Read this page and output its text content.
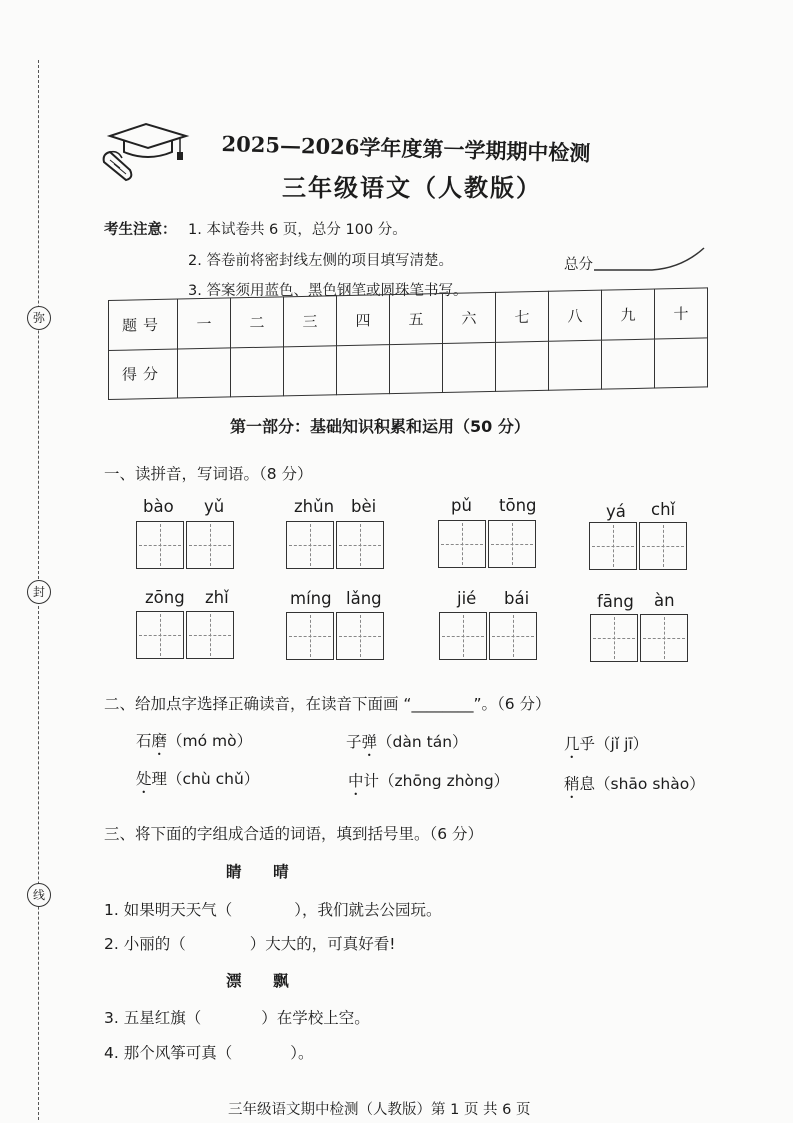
弥
封
线
2025—2026学年度第一学期期中检测
三年级语文（人教版）
考生注意： 1. 本试卷共 6 页，总分 100 分。
2. 答卷前将密封线左侧的项目填写清楚。
3. 答案须用蓝色、黑色钢笔或圆珠笔书写。
总分
题号	一	二	三	四	五	六	七	八	九	十
得分										
第一部分：基础知识积累和运用（50 分）
一、读拼音，写词语。（8 分）
bào yǔ	zhǔn bèi	pǔ tōng	yá chǐ
zōng zhǐ	míng lǎng	jié bái	fāng àn
二、给加点字选择正确读音，在读音下面画 “________”。（6 分）
石磨（mó mò）	子弹（dàn tán）	几乎（jǐ jī）
处理（chù chǔ）	中计（zhōng zhòng）	稍息（shāo shào）
三、将下面的字组成合适的词语，填到括号里。（6 分）
睛    晴
1. 如果明天天气（	），我们就去公园玩。
2. 小丽的（	）大大的，可真好看!
漂    飘
3. 五星红旗（	）在学校上空。
4. 那个风筝可真（	）。
三年级语文期中检测（人教版）第 1 页 共 6 页
